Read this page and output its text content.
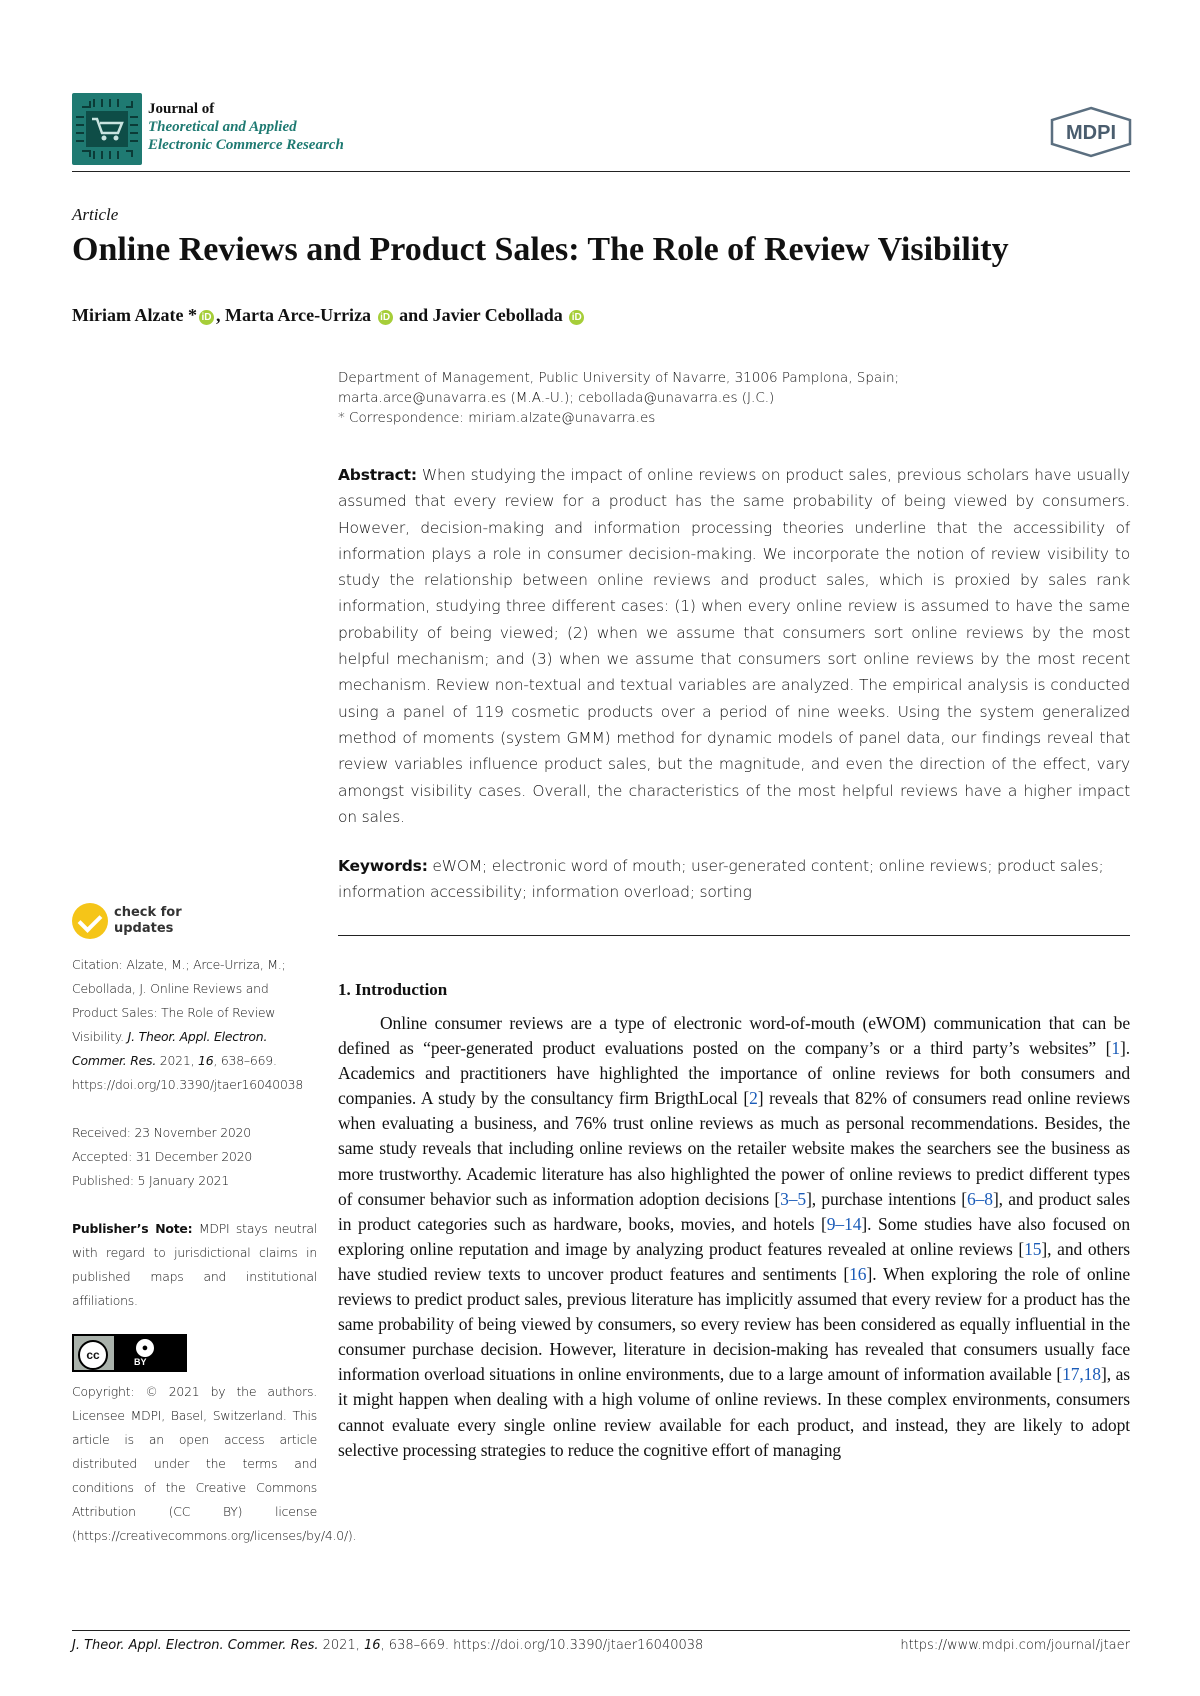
Journal of
Theoretical and Applied
Electronic Commerce Research
MDPI
Article
Online Reviews and Product Sales: The Role of Review Visibility
Miriam Alzate * iD , Marta Arce-Urriza iD and Javier Cebollada iD
Department of Management, Public University of Navarre, 31006 Pamplona, Spain;
marta.arce@unavarra.es (M.A.-U.); cebollada@unavarra.es (J.C.)
* Correspondence: miriam.alzate@unavarra.es
Abstract: When studying the impact of online reviews on product sales, previous scholars have usually assumed that every review for a product has the same probability of being viewed by consumers. However, decision-making and information processing theories underline that the accessibility of information plays a role in consumer decision-making. We incorporate the notion of review visibility to study the relationship between online reviews and product sales, which is proxied by sales rank information, studying three different cases: (1) when every online review is assumed to have the same probability of being viewed; (2) when we assume that consumers sort online reviews by the most helpful mechanism; and (3) when we assume that consumers sort online reviews by the most recent mechanism. Review non-textual and textual variables are analyzed. The empirical analysis is conducted using a panel of 119 cosmetic products over a period of nine weeks. Using the system generalized method of moments (system GMM) method for dynamic models of panel data, our findings reveal that review variables influence product sales, but the magnitude, and even the direction of the effect, vary amongst visibility cases. Overall, the characteristics of the most helpful reviews have a higher impact on sales.
Keywords: eWOM; electronic word of mouth; user-generated content; online reviews; product sales; information accessibility; information overload; sorting
check for
updates
Citation: Alzate, M.; Arce-Urriza, M.; Cebollada, J. Online Reviews and Product Sales: The Role of Review Visibility. J. Theor. Appl. Electron. Commer. Res. 2021, 16, 638–669. https://doi.org/10.3390/jtaer16040038
Received: 23 November 2020
Accepted: 31 December 2020
Published: 5 January 2021
Publisher’s Note: MDPI stays neutral with regard to jurisdictional claims in published maps and institutional affiliations.
cc	●
BY
Copyright: © 2021 by the authors. Licensee MDPI, Basel, Switzerland. This article is an open access article distributed under the terms and conditions of the Creative Commons Attribution (CC BY) license (https://creativecommons.org/licenses/by/4.0/).
1. Introduction

Online consumer reviews are a type of electronic word-of-mouth (eWOM) communication that can be defined as “peer-generated product evaluations posted on the company’s or a third party’s websites” [1]. Academics and practitioners have highlighted the importance of online reviews for both consumers and companies. A study by the consultancy firm BrigthLocal [2] reveals that 82% of consumers read online reviews when evaluating a business, and 76% trust online reviews as much as personal recommendations. Besides, the same study reveals that including online reviews on the retailer website makes the searchers see the business as more trustworthy. Academic literature has also highlighted the power of online reviews to predict different types of consumer behavior such as information adoption decisions [3–5], purchase intentions [6–8], and product sales in product categories such as hardware, books, movies, and hotels [9–14]. Some studies have also focused on exploring online reputation and image by analyzing product features revealed at online reviews [15], and others have studied review texts to uncover product features and sentiments [16]. When exploring the role of online reviews to predict product sales, previous literature has implicitly assumed that every review for a product has the same probability of being viewed by consumers, so every review has been considered as equally influential in the consumer purchase decision. However, literature in decision-making has revealed that consumers usually face information overload situations in online environments, due to a large amount of information available [17,18], as it might happen when dealing with a high volume of online reviews. In these complex environments, consumers cannot evaluate every single online review available for each product, and instead, they are likely to adopt selective processing strategies to reduce the cognitive effort of managing

J. Theor. Appl. Electron. Commer. Res. 2021, 16, 638–669. https://doi.org/10.3390/jtaer16040038	https://www.mdpi.com/journal/jtaer
